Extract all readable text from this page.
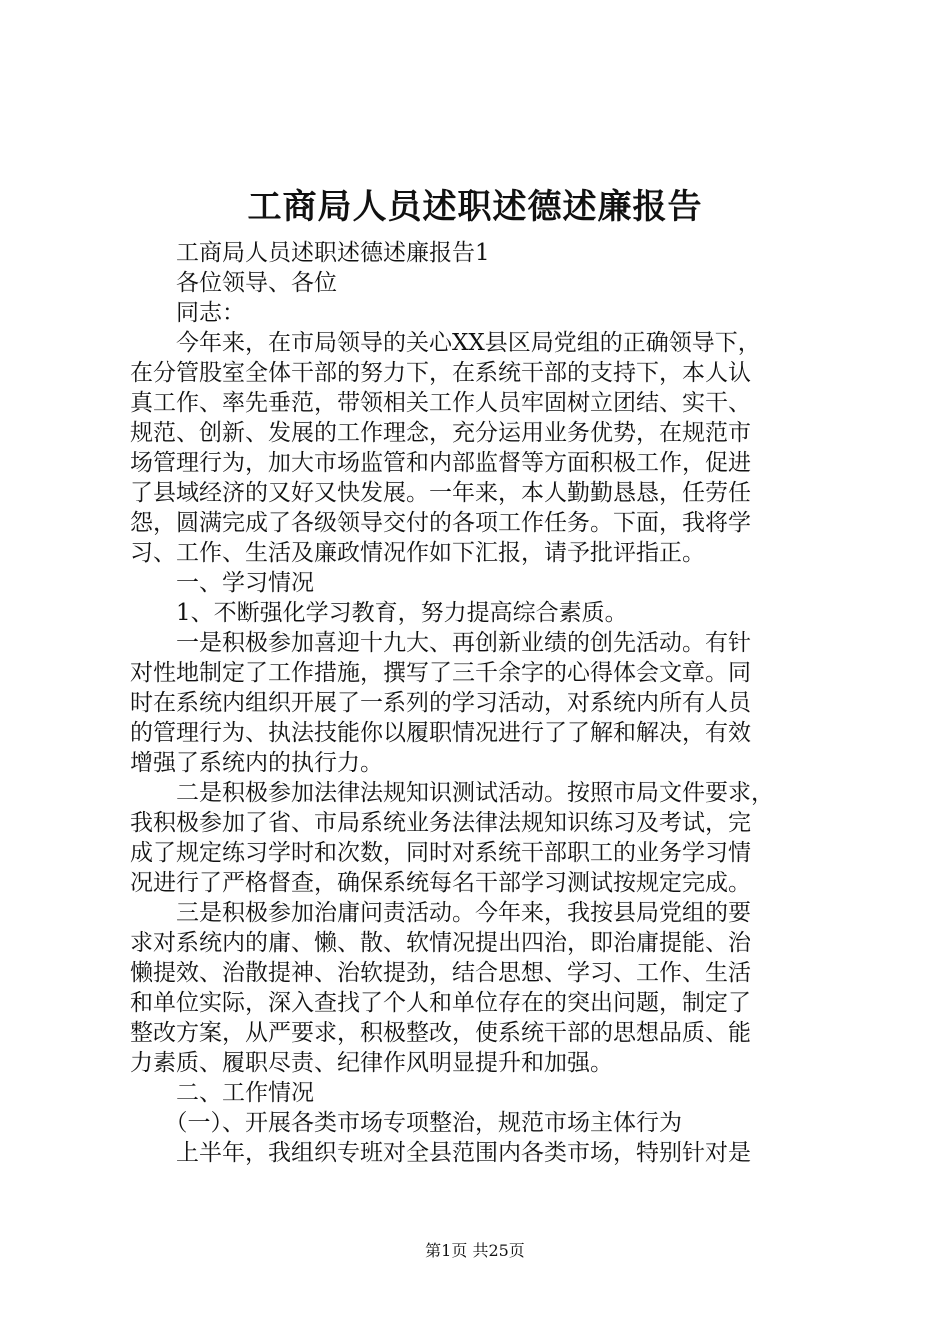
工商局人员述职述德述廉报告
　　工商局人员述职述德述廉报告1
　　各位领导、各位
　　同志：
　　今年来，在市局领导的关心XX县区局党组的正确领导下，
在分管股室全体干部的努力下，在系统干部的支持下，本人认
真工作、率先垂范，带领相关工作人员牢固树立团结、实干、
规范、创新、发展的工作理念，充分运用业务优势，在规范市
场管理行为，加大市场监管和内部监督等方面积极工作，促进
了县域经济的又好又快发展。一年来，本人勤勤恳恳，任劳任
怨，圆满完成了各级领导交付的各项工作任务。下面，我将学
习、工作、生活及廉政情况作如下汇报，请予批评指正。
　　一、学习情况
　　1、不断强化学习教育，努力提高综合素质。
　　一是积极参加喜迎十九大、再创新业绩的创先活动。有针
对性地制定了工作措施，撰写了三千余字的心得体会文章。同
时在系统内组织开展了一系列的学习活动，对系统内所有人员
的管理行为、执法技能你以履职情况进行了了解和解决，有效
增强了系统内的执行力。
　　二是积极参加法律法规知识测试活动。按照市局文件要求，
我积极参加了省、市局系统业务法律法规知识练习及考试，完
成了规定练习学时和次数，同时对系统干部职工的业务学习情
况进行了严格督查，确保系统每名干部学习测试按规定完成。
　　三是积极参加治庸问责活动。今年来，我按县局党组的要
求对系统内的庸、懒、散、软情况提出四治，即治庸提能、治
懒提效、治散提神、治软提劲，结合思想、学习、工作、生活
和单位实际，深入查找了个人和单位存在的突出问题，制定了
整改方案，从严要求，积极整改，使系统干部的思想品质、能
力素质、履职尽责、纪律作风明显提升和加强。
　　二、工作情况
　　（一）、开展各类市场专项整治，规范市场主体行为
　　上半年，我组织专班对全县范围内各类市场，特别针对是
第1页 共25页
